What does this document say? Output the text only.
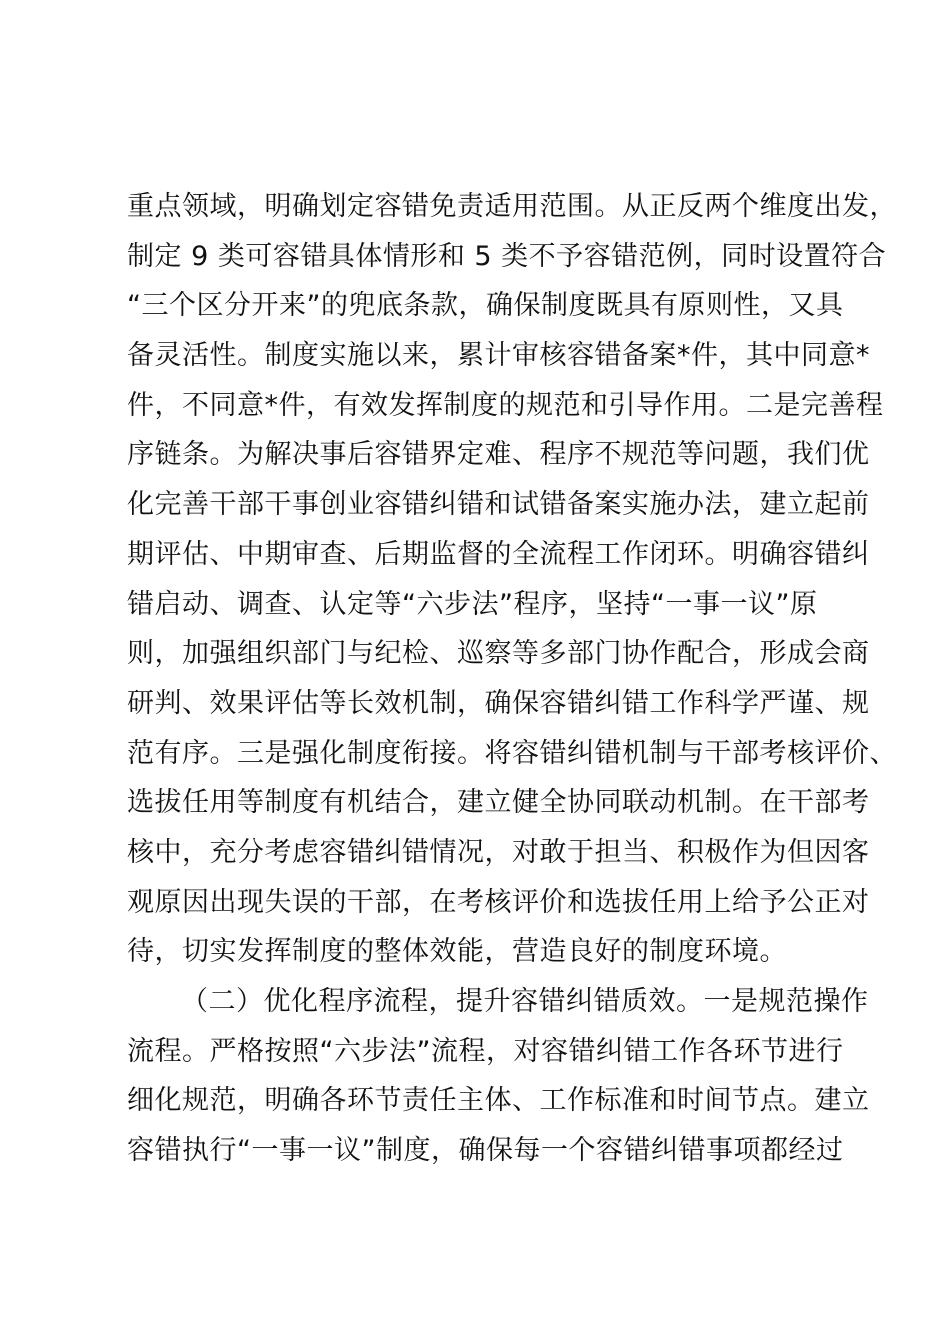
重点领域，明确划定容错免责适用范围。从正反两个维度出发，
制定 9 类可容错具体情形和 5 类不予容错范例，同时设置符合
“三个区分开来”的兜底条款，确保制度既具有原则性，又具
备灵活性。制度实施以来，累计审核容错备案*件，其中同意*
件，不同意*件，有效发挥制度的规范和引导作用。二是完善程
序链条。为解决事后容错界定难、程序不规范等问题，我们优
化完善干部干事创业容错纠错和试错备案实施办法，建立起前
期评估、中期审查、后期监督的全流程工作闭环。明确容错纠
错启动、调查、认定等“六步法”程序，坚持“一事一议”原
则，加强组织部门与纪检、巡察等多部门协作配合，形成会商
研判、效果评估等长效机制，确保容错纠错工作科学严谨、规
范有序。三是强化制度衔接。将容错纠错机制与干部考核评价、
选拔任用等制度有机结合，建立健全协同联动机制。在干部考
核中，充分考虑容错纠错情况，对敢于担当、积极作为但因客
观原因出现失误的干部，在考核评价和选拔任用上给予公正对
待，切实发挥制度的整体效能，营造良好的制度环境。
（二）优化程序流程，提升容错纠错质效。一是规范操作
流程。严格按照“六步法”流程，对容错纠错工作各环节进行
细化规范，明确各环节责任主体、工作标准和时间节点。建立
容错执行“一事一议”制度，确保每一个容错纠错事项都经过
